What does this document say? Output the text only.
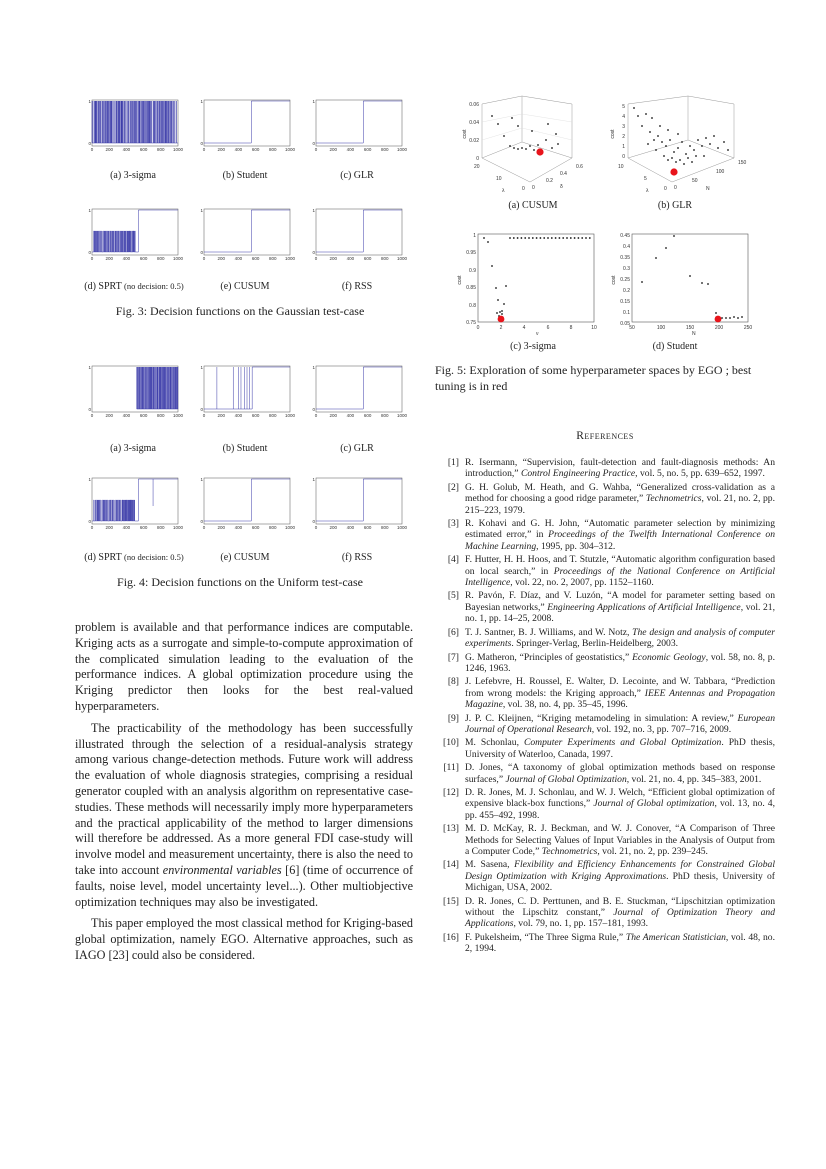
0	200 400 600 800 1000
1
0
0	200 400 600 800 1000
1
0
0	200 400 600 800 1000
1
0
(a) 3-sigma	(b) Student	(c) GLR
0	200 400 600 800 1000
1
0
0	200 400 600 800 1000
1
0
0	200 400 600 800 1000
1
0
(d) SPRT (no decision: 0.5)	(e) CUSUM	(f) RSS
Fig. 3: Decision functions on the Gaussian test-case
0	200 400 600 800 1000
1
0
0	200 400 600 800 1000
1
0
0	200 400 600 800 1000
1
0
(a) 3-sigma	(b) Student	(c) GLR
0	200 400 600 800 1000
1
0
0	200 400 600 800 1000
1
0
0	200 400 600 800 1000
1
0
(d) SPRT (no decision: 0.5)	(e) CUSUM	(f) RSS
Fig. 4: Decision functions on the Uniform test-case

problem is available and that performance indices are computable. Kriging acts as a surrogate and simple-to-compute approximation of the complicated simulation leading to the evaluation of the performance indices. A global optimization procedure using the Kriging predictor then looks for the best real-valued hyperparameters.

The practicability of the methodology has been successfully illustrated through the selection of a residual-analysis strategy among various change-detection methods. Future work will address the evaluation of whole diagnosis strategies, comprising a residual generator coupled with an analysis algorithm on representative case-studies. These methods will necessarily imply more hyperparameters and the practical applicability of the method to larger dimensions will therefore be addressed. As a more general FDI case-study will involve model and measurement uncertainty, there is also the need to take into account environmental variables [6] (time of occurrence of faults, noise level, model uncertainty level...). Other multiobjective optimization techniques may also be investigated.

This paper employed the most classical method for Kriging-based global optimization, namely EGO. Alternative approaches, such as IAGO [23] could also be considered.

0.06
0.04
0.02
0
cost
20
10
0 0
0.2
0.4
0.6
λ
δ
(a) CUSUM
5
4
3
2
1
0
cost
10
5
0 0
50
100
150
λ	N
(b) GLR
1
0.95
0.9
0.85
0.8
0.75
0	2	4	6	8	10
ν
cost
(c) 3-sigma
0.45
0.4
0.35
0.3
0.25
0.2
0.15
0.1
0.05
50	100	150	200	250
N
cost
(d) Student
Fig. 5: Exploration of some hyperparameter spaces by EGO ; best tuning is in red
References
[1] R. Isermann, “Supervision, fault-detection and fault-diagnosis methods: An introduction,” Control Engineering Practice, vol. 5, no. 5, pp. 639–652, 1997.
[2] G. H. Golub, M. Heath, and G. Wahba, “Generalized cross-validation as a method for choosing a good ridge parameter,” Technometrics, vol. 21, no. 2, pp. 215–223, 1979.
[3] R. Kohavi and G. H. John, “Automatic parameter selection by minimizing estimated error,” in Proceedings of the Twelfth International Conference on Machine Learning, 1995, pp. 304–312.
[4] F. Hutter, H. H. Hoos, and T. Stutzle, “Automatic algorithm configuration based on local search,” in Proceedings of the National Conference on Artificial Intelligence, vol. 22, no. 2, 2007, pp. 1152–1160.
[5] R. Pavón, F. Díaz, and V. Luzón, “A model for parameter setting based on Bayesian networks,” Engineering Applications of Artificial Intelligence, vol. 21, no. 1, pp. 14–25, 2008.
[6] T. J. Santner, B. J. Williams, and W. Notz, The design and analysis of computer experiments. Springer-Verlag, Berlin-Heidelberg, 2003.
[7] G. Matheron, “Principles of geostatistics,” Economic Geology, vol. 58, no. 8, p. 1246, 1963.
[8] J. Lefebvre, H. Roussel, E. Walter, D. Lecointe, and W. Tabbara, “Prediction from wrong models: the Kriging approach,” IEEE Antennas and Propagation Magazine, vol. 38, no. 4, pp. 35–45, 1996.
[9] J. P. C. Kleijnen, “Kriging metamodeling in simulation: A review,” European Journal of Operational Research, vol. 192, no. 3, pp. 707–716, 2009.
[10] M. Schonlau, Computer Experiments and Global Optimization. PhD thesis, University of Waterloo, Canada, 1997.
[11] D. Jones, “A taxonomy of global optimization methods based on response surfaces,” Journal of Global Optimization, vol. 21, no. 4, pp. 345–383, 2001.
[12] D. R. Jones, M. J. Schonlau, and W. J. Welch, “Efficient global optimization of expensive black-box functions,” Journal of Global optimization, vol. 13, no. 4, pp. 455–492, 1998.
[13] M. D. McKay, R. J. Beckman, and W. J. Conover, “A Comparison of Three Methods for Selecting Values of Input Variables in the Analysis of Output from a Computer Code,” Technometrics, vol. 21, no. 2, pp. 239–245.
[14] M. Sasena, Flexibility and Efficiency Enhancements for Constrained Global Design Optimization with Kriging Approximations. PhD thesis, University of Michigan, USA, 2002.
[15] D. R. Jones, C. D. Perttunen, and B. E. Stuckman, “Lipschitzian optimization without the Lipschitz constant,” Journal of Optimization Theory and Applications, vol. 79, no. 1, pp. 157–181, 1993.
[16] F. Pukelsheim, “The Three Sigma Rule,” The American Statistician, vol. 48, no. 2, 1994.
